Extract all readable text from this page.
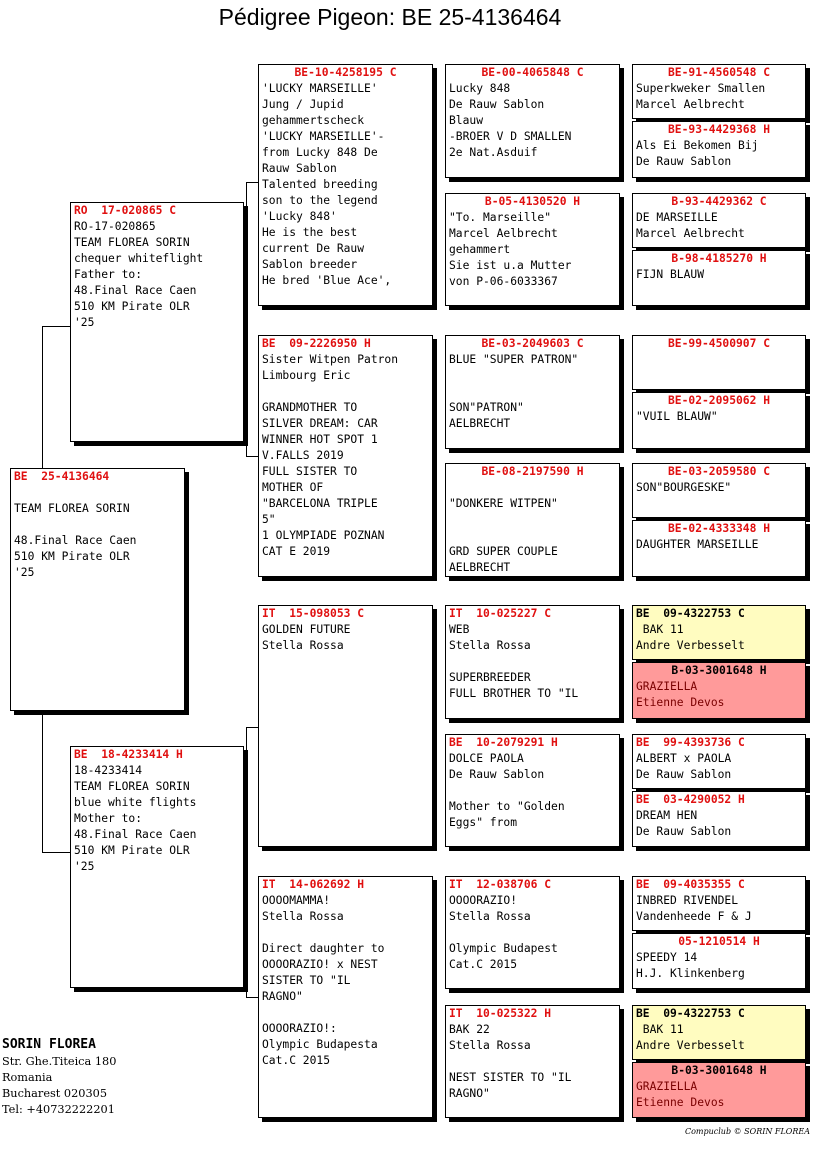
Pédigree Pigeon: BE 25-4136464
BE  25-4136464
TEAM FLOREA SORIN
48.Final Race Caen
510 KM Pirate OLR
'25
RO  17-020865 C
RO-17-020865
TEAM FLOREA SORIN
chequer whiteflight
Father to:
48.Final Race Caen
510 KM Pirate OLR
'25
BE  18-4233414 H
18-4233414
TEAM FLOREA SORIN
blue white flights
Mother to:
48.Final Race Caen
510 KM Pirate OLR
'25
BE-10-4258195 C
'LUCKY MARSEILLE'
Jung / Jupid
gehammertscheck
'LUCKY MARSEILLE'-
from Lucky 848 De
Rauw Sablon
Talented breeding
son to the legend
'Lucky 848'
He is the best
current De Rauw
Sablon breeder
He bred 'Blue Ace',
BE  09-2226950 H
Sister Witpen Patron
Limbourg Eric
GRANDMOTHER TO
SILVER DREAM: CAR
WINNER HOT SPOT 1
V.FALLS 2019
FULL SISTER TO
MOTHER OF
"BARCELONA TRIPLE
5"
1 OLYMPIADE POZNAN
CAT E 2019
IT  15-098053 C
GOLDEN FUTURE
Stella Rossa
IT  14-062692 H
OOOOMAMMA!
Stella Rossa
Direct daughter to
OOOORAZIO! x NEST
SISTER TO "IL
RAGNO"
OOOORAZIO!:
Olympic Budapesta
Cat.C 2015
BE-00-4065848 C
Lucky 848
De Rauw Sablon
Blauw
-BROER V D SMALLEN
2e Nat.Asduif
B-05-4130520 H
"To. Marseille"
Marcel Aelbrecht
gehammert
Sie ist u.a Mutter
von P-06-6033367
BE-03-2049603 C
BLUE "SUPER PATRON"
SON"PATRON"
AELBRECHT
BE-08-2197590 H
"DONKERE WITPEN"
GRD SUPER COUPLE
AELBRECHT
IT  10-025227 C
WEB
Stella Rossa
SUPERBREEDER
FULL BROTHER TO "IL
BE  10-2079291 H
DOLCE PAOLA
De Rauw Sablon
Mother to "Golden
Eggs" from
IT  12-038706 C
OOOORAZIO!
Stella Rossa
Olympic Budapest
Cat.C 2015
IT  10-025322 H
BAK 22
Stella Rossa
NEST SISTER TO "IL
RAGNO"
BE-91-4560548 C
Superkweker Smallen
Marcel Aelbrecht
BE-93-4429368 H
Als Ei Bekomen Bij
De Rauw Sablon
B-93-4429362 C
DE MARSEILLE
Marcel Aelbrecht
B-98-4185270 H
FIJN BLAUW
BE-99-4500907 C
BE-02-2095062 H
"VUIL BLAUW"
BE-03-2059580 C
SON"BOURGESKE"
BE-02-4333348 H
DAUGHTER MARSEILLE
BE  09-4322753 C
BAK 11
Andre Verbesselt
B-03-3001648 H
GRAZIELLA
Etienne Devos
BE  99-4393736 C
ALBERT x PAOLA
De Rauw Sablon
BE  03-4290052 H
DREAM HEN
De Rauw Sablon
BE  09-4035355 C
INBRED RIVENDEL
Vandenheede F & J
05-1210514 H
SPEEDY 14
H.J. Klinkenberg
BE  09-4322753 C
BAK 11
Andre Verbesselt
B-03-3001648 H
GRAZIELLA
Etienne Devos
SORIN FLOREA
Str. Ghe.Titeica 180
Romania
Bucharest 020305
Tel: +40732222201
Compuclub © SORIN FLOREA
